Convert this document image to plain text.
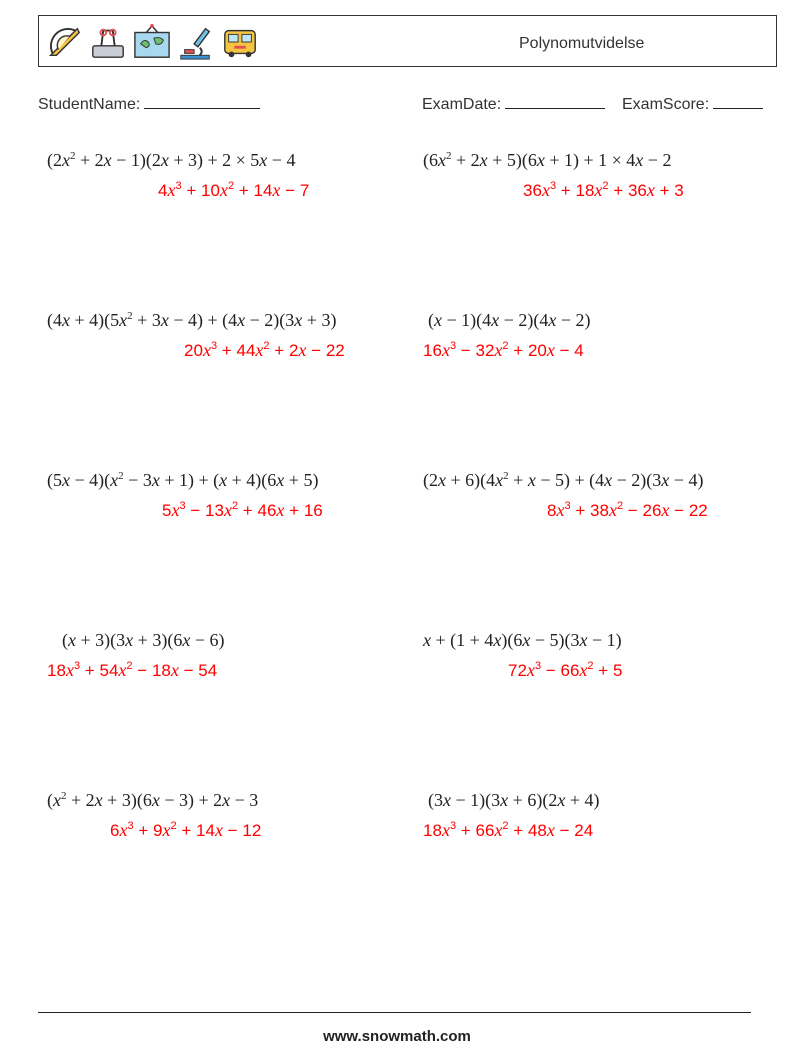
Polynomutvidelse
StudentName:	ExamDate:	ExamScore:
$(2x^2 + 2x - 1)(2x + 3) + 2 \times 5x - 4$
$4x^3 + 10x^2 + 14x - 7$
$(6x^2 + 2x + 5)(6x + 1) + 1 \times 4x - 2$
$36x^3 + 18x^2 + 36x + 3$
$(4x + 4)(5x^2 + 3x - 4) + (4x - 2)(3x + 3)$
$20x^3 + 44x^2 + 2x - 22$
(x − 1)(4x − 2)(4x − 2)
$16x^3 - 32x^2 + 20x - 4$
$(5x - 4)(x^2 - 3x + 1) + (x + 4)(6x + 5)$
$5x^3 - 13x^2 + 46x + 16$
$(2x + 6)(4x^2 + x - 5) + (4x - 2)(3x - 4)$
$8x^3 + 38x^2 - 26x - 22$
(x + 3)(3x + 3)(6x − 6)
$18x^3 + 54x^2 - 18x - 54$
x + (1 + 4x)(6x − 5)(3x − 1)
$72x^3 - 66x^2 + 5$
$(x^2 + 2x + 3)(6x - 3) + 2x - 3$
$6x^3 + 9x^2 + 14x - 12$
(3x − 1)(3x + 6)(2x + 4)
$18x^3 + 66x^2 + 48x - 24$
www.snowmath.com
